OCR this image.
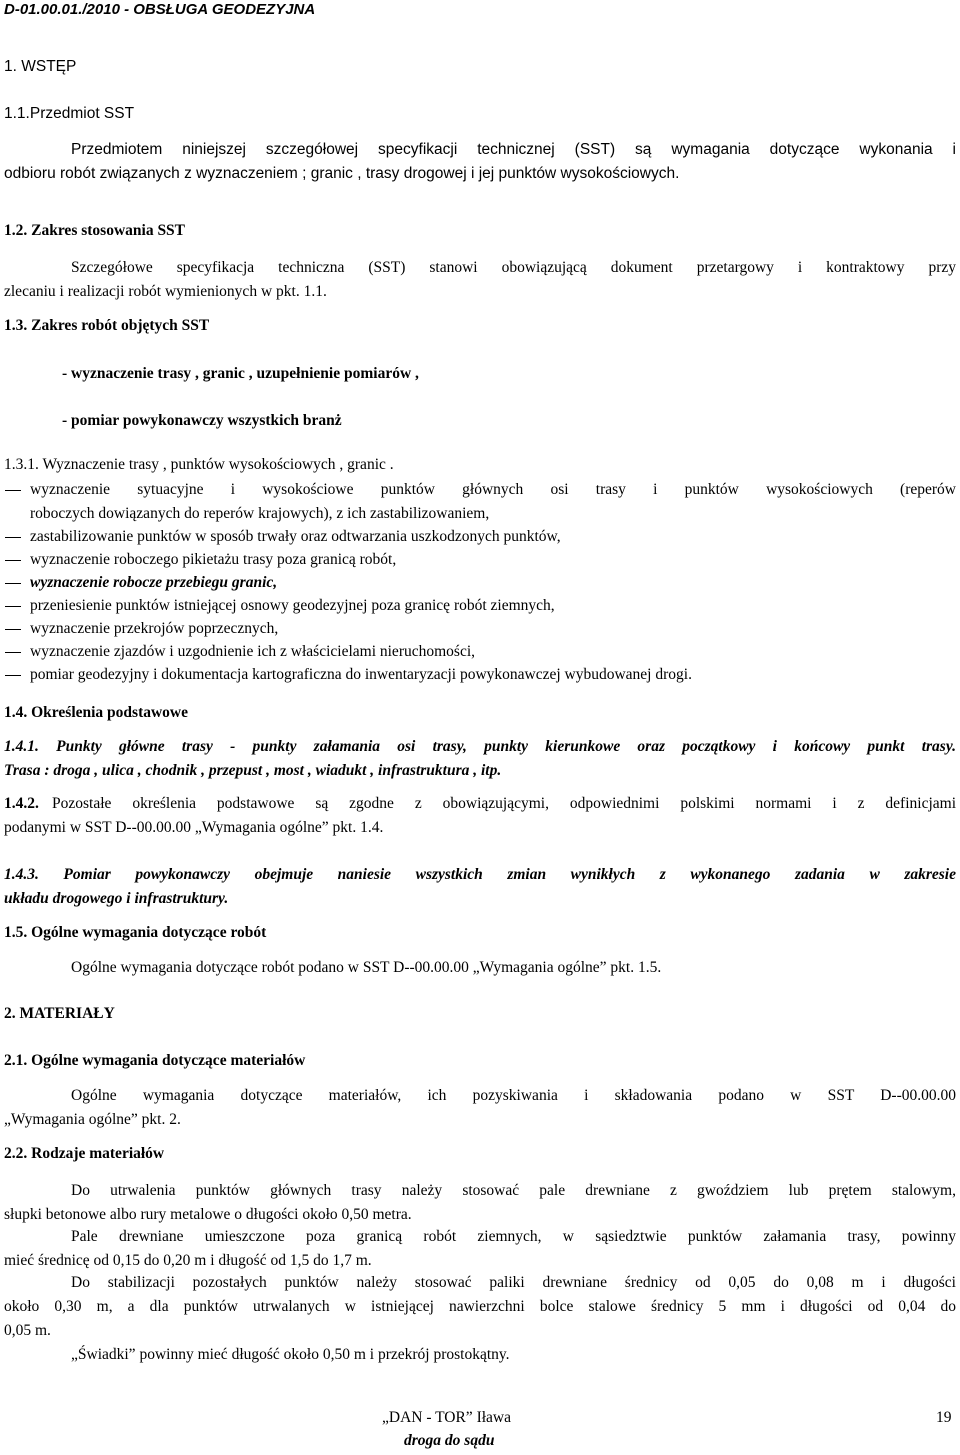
D-01.00.01./2010 - OBSŁUGA GEODEZYJNA
1. WSTĘP
1.1.Przedmiot SST
Przedmiotem niniejszej szczegółowej specyfikacji technicznej (SST) są wymagania dotyczące wykonania i
odbioru robót związanych z wyznaczeniem ; granic , trasy drogowej i jej punktów wysokościowych.
1.2. Zakres stosowania SST
Szczegółowe specyfikacja techniczna (SST) stanowi obowiązującą dokument przetargowy i kontraktowy przy
zlecaniu i realizacji robót wymienionych w pkt. 1.1.
1.3. Zakres robót objętych SST
- wyznaczenie trasy , granic , uzupełnienie pomiarów ,
- pomiar powykonawczy wszystkich branż
1.3.1. Wyznaczenie trasy , punktów wysokościowych , granic .
wyznaczenie sytuacyjne i wysokościowe punktów głównych osi trasy i punktów wysokościowych (reperów
roboczych dowiązanych do reperów krajowych), z ich zastabilizowaniem,
zastabilizowanie punktów w sposób trwały oraz odtwarzania uszkodzonych punktów,
wyznaczenie roboczego pikietażu trasy poza granicą robót,
wyznaczenie robocze przebiegu granic,
przeniesienie punktów istniejącej osnowy geodezyjnej poza granicę robót ziemnych,
wyznaczenie przekrojów poprzecznych,
wyznaczenie zjazdów i uzgodnienie ich z właścicielami nieruchomości,
pomiar geodezyjny i dokumentacja kartograficzna do inwentaryzacji powykonawczej wybudowanej drogi.
1.4. Określenia podstawowe
1.4.1. Punkty główne trasy - punkty załamania osi trasy, punkty kierunkowe oraz początkowy i końcowy punkt trasy.
Trasa : droga , ulica , chodnik , przepust , most , wiadukt , infrastruktura , itp.
1.4.2. Pozostałe określenia podstawowe są zgodne z obowiązującymi, odpowiednimi polskimi normami i z definicjami
podanymi w SST D--00.00.00 „Wymagania ogólne” pkt. 1.4.
1.4.3. Pomiar powykonawczy obejmuje naniesie wszystkich zmian wynikłych z wykonanego zadania w zakresie
układu drogowego i infrastruktury.
1.5. Ogólne wymagania dotyczące robót
Ogólne wymagania dotyczące robót podano w SST D--00.00.00 „Wymagania ogólne” pkt. 1.5.
2. MATERIAŁY
2.1. Ogólne wymagania dotyczące materiałów
Ogólne wymagania dotyczące materiałów, ich pozyskiwania i składowania podano w SST D--00.00.00
„Wymagania ogólne” pkt. 2.
2.2. Rodzaje materiałów
Do utrwalenia punktów głównych trasy należy stosować pale drewniane z gwoździem lub prętem stalowym,
słupki betonowe albo rury metalowe o długości około 0,50 metra.
Pale drewniane umieszczone poza granicą robót ziemnych, w sąsiedztwie punktów załamania trasy, powinny
mieć średnicę od 0,15 do 0,20 m i długość od 1,5 do 1,7 m.
Do stabilizacji pozostałych punktów należy stosować paliki drewniane średnicy od 0,05 do 0,08 m i długości
około 0,30 m, a dla punktów utrwalanych w istniejącej nawierzchni bolce stalowe średnicy 5 mm i długości od 0,04 do
0,05 m.
„Świadki” powinny mieć długość około 0,50 m i przekrój prostokątny.
„DAN - TOR” Iława	19
droga do sądu
